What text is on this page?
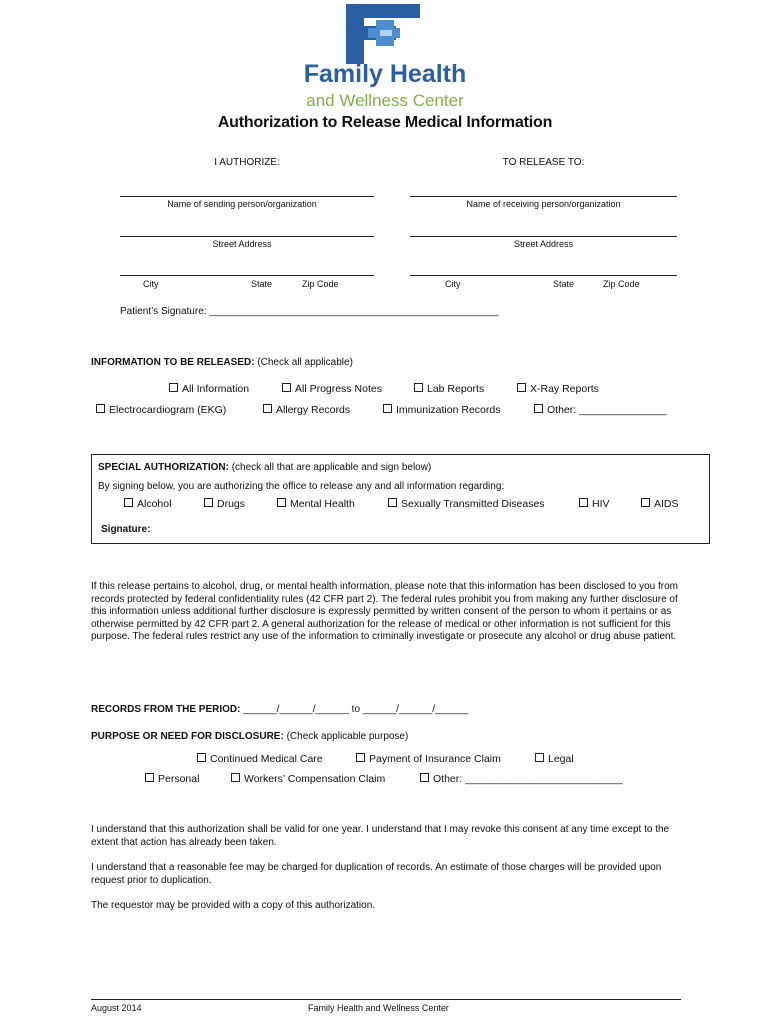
Family Health
and Wellness Center
Authorization to Release Medical Information
I AUTHORIZE:	TO RELEASE TO:
Name of sending person/organization	Name of receiving person/organization
Street Address	Street Address
City	State	Zip Code	City	State	Zip Code
Patient’s Signature: ____________________________________________________
INFORMATION TO BE RELEASED: (Check all applicable)
All Information	All Progress Notes	Lab Reports	X-Ray Reports
Electrocardiogram (EKG)	Allergy Records	Immunization Records	Other: _______________
SPECIAL AUTHORIZATION: (check all that are applicable and sign below)
By signing below, you are authorizing the office to release any and all information regarding:
Alcohol	Drugs	Mental Health	Sexually Transmitted Diseases	HIV	AIDS
Signature:
If this release pertains to alcohol, drug, or mental health information, please note that this information has been disclosed to you from records protected by federal confidentiality rules (42 CFR part 2). The federal rules prohibit you from making any further disclosure of this information unless additional further disclosure is expressly permitted by written consent of the person to whom it pertains or as otherwise permitted by 42 CFR part 2. A general authorization for the release of medical or other information is not sufficient for this purpose. The federal rules restrict any use of the information to criminally investigate or prosecute any alcohol or drug abuse patient.
RECORDS FROM THE PERIOD: ______/______/______ to ______/______/______
PURPOSE OR NEED FOR DISCLOSURE: (Check applicable purpose)
Continued Medical Care	Payment of Insurance Claim	Legal
Personal	Workers’ Compensation Claim	Other: ___________________________
I understand that this authorization shall be valid for one year. I understand that I may revoke this consent at any time except to the extent that action has already been taken.
I understand that a reasonable fee may be charged for duplication of records. An estimate of those charges will be provided upon request prior to duplication.
The requestor may be provided with a copy of this authorization.
August 2014	Family Health and Wellness Center
